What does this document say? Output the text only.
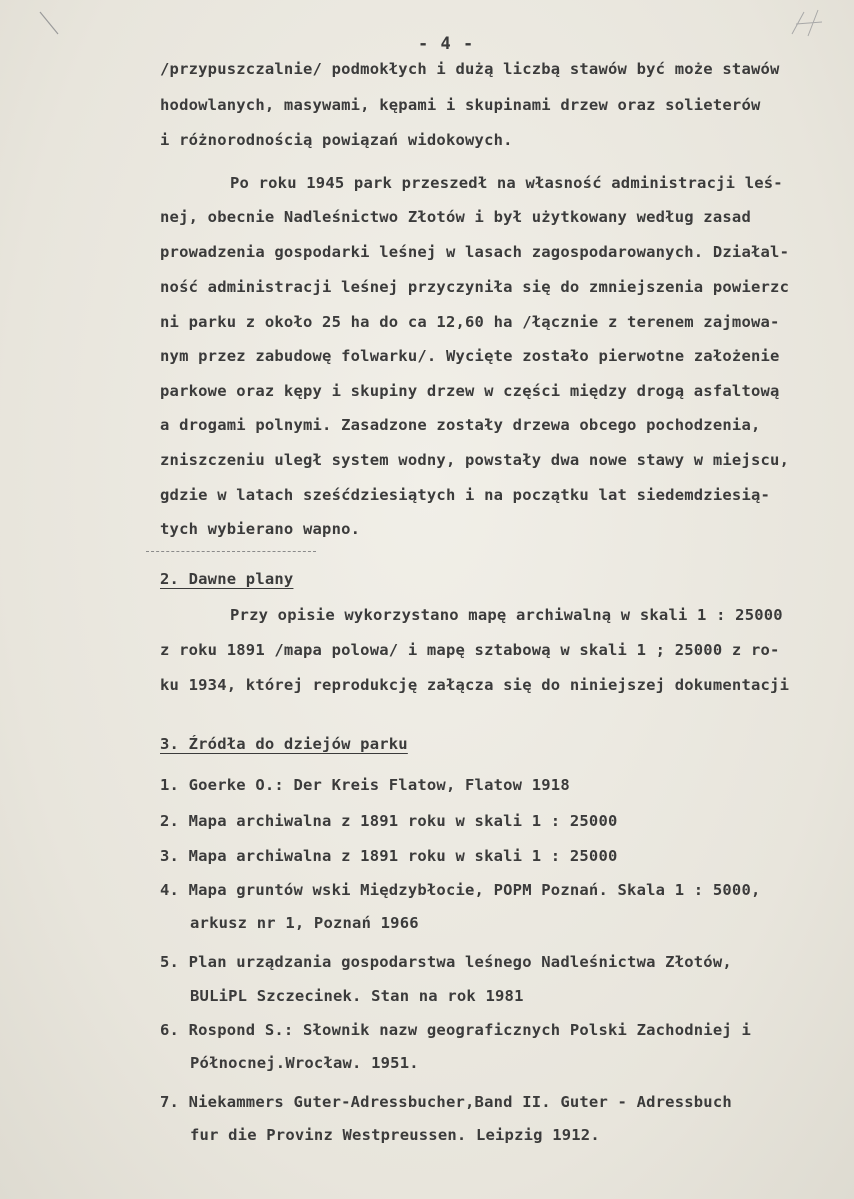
- 4 -
/przypuszczalnie/ podmokłych i dużą liczbą stawów być może stawów
hodowlanych, masywami, kępami i skupinami drzew oraz solieterów
i różnorodnością powiązań widokowych.
Po roku 1945 park przeszedł na własność administracji leś-
nej, obecnie Nadleśnictwo Złotów i był użytkowany według zasad
prowadzenia gospodarki leśnej w lasach zagospodarowanych. Działal-
ność administracji leśnej przyczyniła się do zmniejszenia powierzc
ni parku z około 25 ha do ca 12,60 ha /łącznie z terenem zajmowa-
nym przez zabudowę folwarku/. Wycięte zostało pierwotne założenie
parkowe oraz kępy i skupiny drzew w części między drogą asfaltową
a drogami polnymi. Zasadzone zostały drzewa obcego pochodzenia,
zniszczeniu uległ system wodny, powstały dwa nowe stawy w miejscu,
gdzie w latach sześćdziesiątych i na początku lat siedemdziesią-
tych wybierano wapno.
2. Dawne plany
Przy opisie wykorzystano mapę archiwalną w skali 1 : 25000
z roku 1891 /mapa polowa/ i mapę sztabową w skali 1 ; 25000 z ro-
ku 1934, której reprodukcję załącza się do niniejszej dokumentacji
3. Źródła do dziejów parku
1. Goerke O.: Der Kreis Flatow, Flatow 1918
2. Mapa archiwalna z 1891 roku w skali 1 : 25000
3. Mapa archiwalna z 1891 roku w skali 1 : 25000
4. Mapa gruntów wski Międzybłocie, POPM Poznań. Skala 1 : 5000,
arkusz nr 1, Poznań 1966
5. Plan urządzania gospodarstwa leśnego Nadleśnictwa Złotów,
BULiPL Szczecinek. Stan na rok 1981
6. Rospond S.: Słownik nazw geograficznych Polski Zachodniej i
Północnej.Wrocław. 1951.
7. Niekammers Guter-Adressbucher,Band II. Guter - Adressbuch
fur die Provinz Westpreussen. Leipzig 1912.
